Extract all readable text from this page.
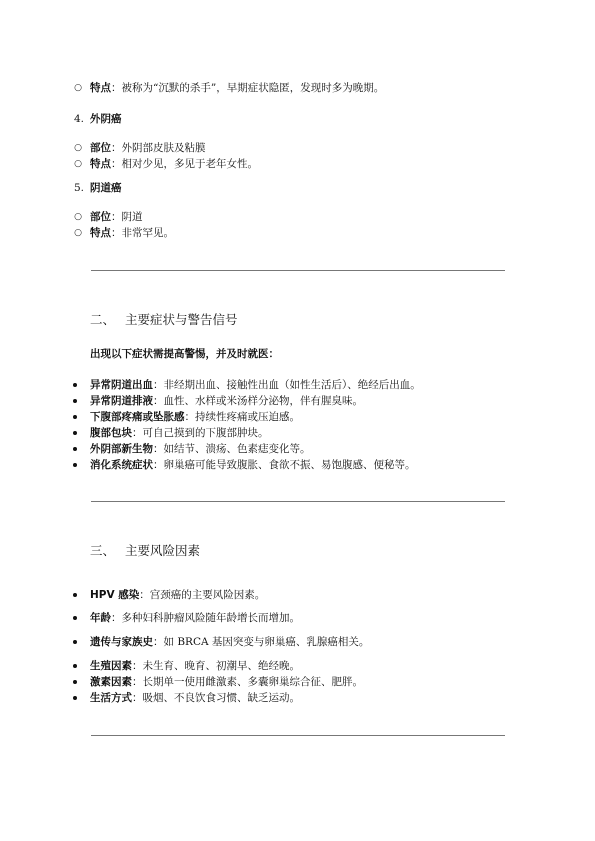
○ 特点：被称为“沉默的杀手”，早期症状隐匿，发现时多为晚期。
4. 外阴癌
○ 部位：外阴部皮肤及粘膜
○ 特点：相对少见，多见于老年女性。
5. 阴道癌
○ 部位：阴道
○ 特点：非常罕见。
二、 主要症状与警告信号
出现以下症状需提高警惕，并及时就医：
异常阴道出血：非经期出血、接触性出血（如性生活后）、绝经后出血。
异常阴道排液：血性、水样或米汤样分泌物，伴有腥臭味。
下腹部疼痛或坠胀感：持续性疼痛或压迫感。
腹部包块：可自己摸到的下腹部肿块。
外阴部新生物：如结节、溃疡、色素痣变化等。
消化系统症状：卵巢癌可能导致腹胀、食欲不振、易饱腹感、便秘等。
三、 主要风险因素
HPV 感染：宫颈癌的主要风险因素。
年龄：多种妇科肿瘤风险随年龄增长而增加。
遗传与家族史：如 BRCA 基因突变与卵巢癌、乳腺癌相关。
生殖因素：未生育、晚育、初潮早、绝经晚。
激素因素：长期单一使用雌激素、多囊卵巢综合征、肥胖。
生活方式：吸烟、不良饮食习惯、缺乏运动。
